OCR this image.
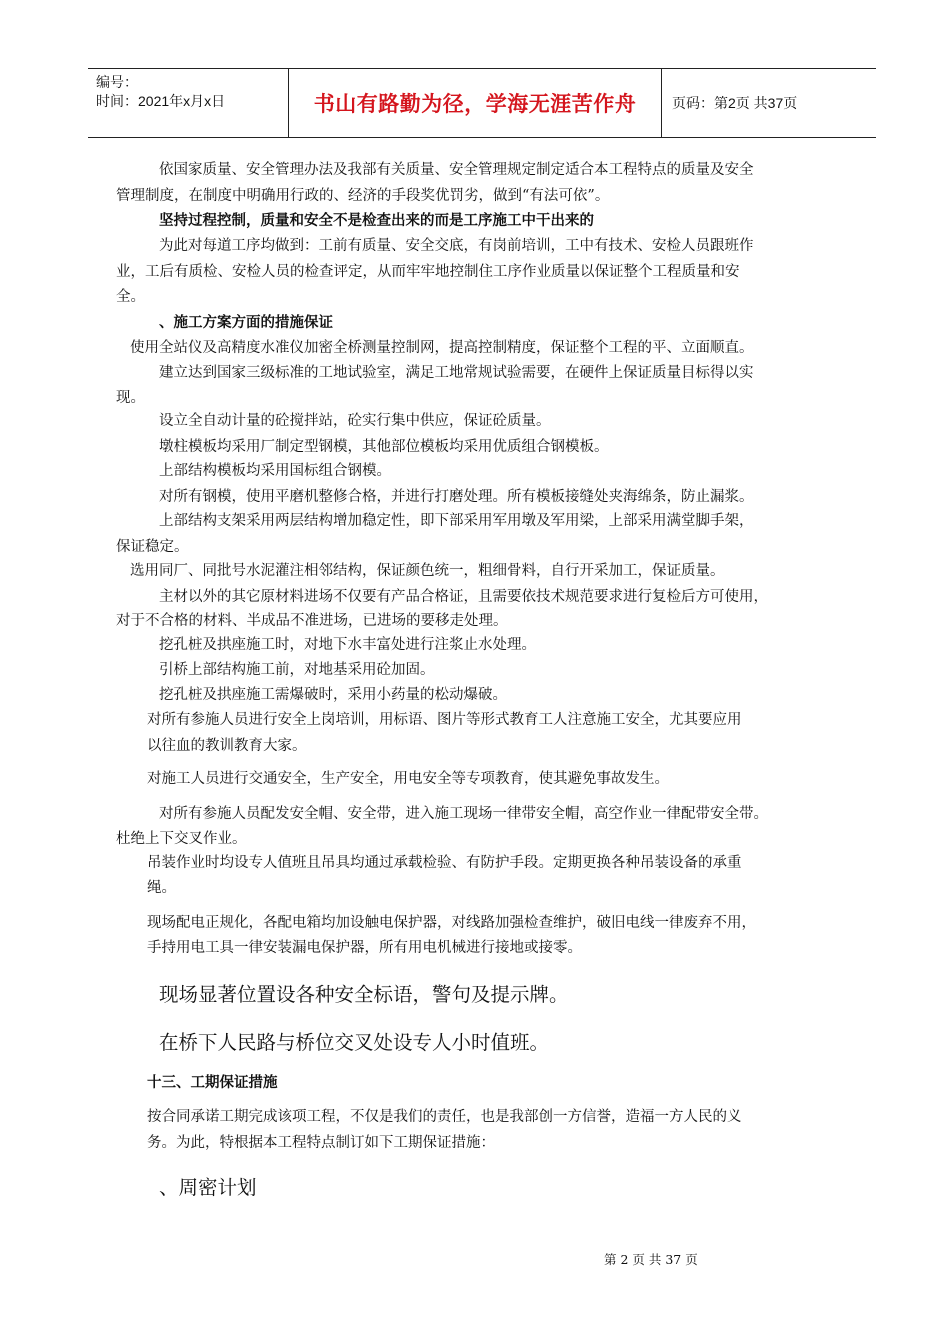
编号：
时间：2021年x月x日	书山有路勤为径，学海无涯苦作舟	页码：第2页 共37页
依国家质量、安全管理办法及我部有关质量、安全管理规定制定适合本工程特点的质量及安全
管理制度，在制度中明确用行政的、经济的手段奖优罚劣，做到“有法可依”。
坚持过程控制，质量和安全不是检查出来的而是工序施工中干出来的
为此对每道工序均做到：工前有质量、安全交底，有岗前培训，工中有技术、安检人员跟班作
业，工后有质检、安检人员的检查评定，从而牢牢地控制住工序作业质量以保证整个工程质量和安
全。
、施工方案方面的措施保证
使用全站仪及高精度水准仪加密全桥测量控制网，提高控制精度，保证整个工程的平、立面顺直。
建立达到国家三级标准的工地试验室，满足工地常规试验需要，在硬件上保证质量目标得以实
现。
设立全自动计量的砼搅拌站，砼实行集中供应，保证砼质量。
墩柱模板均采用厂制定型钢模，其他部位模板均采用优质组合钢模板。
上部结构模板均采用国标组合钢模。
对所有钢模，使用平磨机整修合格，并进行打磨处理。所有模板接缝处夹海绵条，防止漏浆。
上部结构支架采用两层结构增加稳定性，即下部采用军用墩及军用梁，上部采用满堂脚手架，
保证稳定。
选用同厂、同批号水泥灌注相邻结构，保证颜色统一，粗细骨料，自行开采加工，保证质量。
主材以外的其它原材料进场不仅要有产品合格证，且需要依技术规范要求进行复检后方可使用，
对于不合格的材料、半成品不准进场，已进场的要移走处理。
挖孔桩及拱座施工时，对地下水丰富处进行注浆止水处理。
引桥上部结构施工前，对地基采用砼加固。
挖孔桩及拱座施工需爆破时，采用小药量的松动爆破。
对所有参施人员进行安全上岗培训，用标语、图片等形式教育工人注意施工安全，尤其要应用
以往血的教训教育大家。
对施工人员进行交通安全，生产安全，用电安全等专项教育，使其避免事故发生。
对所有参施人员配发安全帽、安全带，进入施工现场一律带安全帽，高空作业一律配带安全带。
杜绝上下交叉作业。
吊装作业时均设专人值班且吊具均通过承载检验、有防护手段。定期更换各种吊装设备的承重
绳。
现场配电正规化，各配电箱均加设触电保护器，对线路加强检查维护，破旧电线一律废弃不用，
手持用电工具一律安装漏电保护器，所有用电机械进行接地或接零。
现场显著位置设各种安全标语，警句及提示牌。
在桥下人民路与桥位交叉处设专人小时值班。
十三、工期保证措施
按合同承诺工期完成该项工程，不仅是我们的责任，也是我部创一方信誉，造福一方人民的义
务。为此，特根据本工程特点制订如下工期保证措施：
、周密计划
第 2 页 共 37 页
